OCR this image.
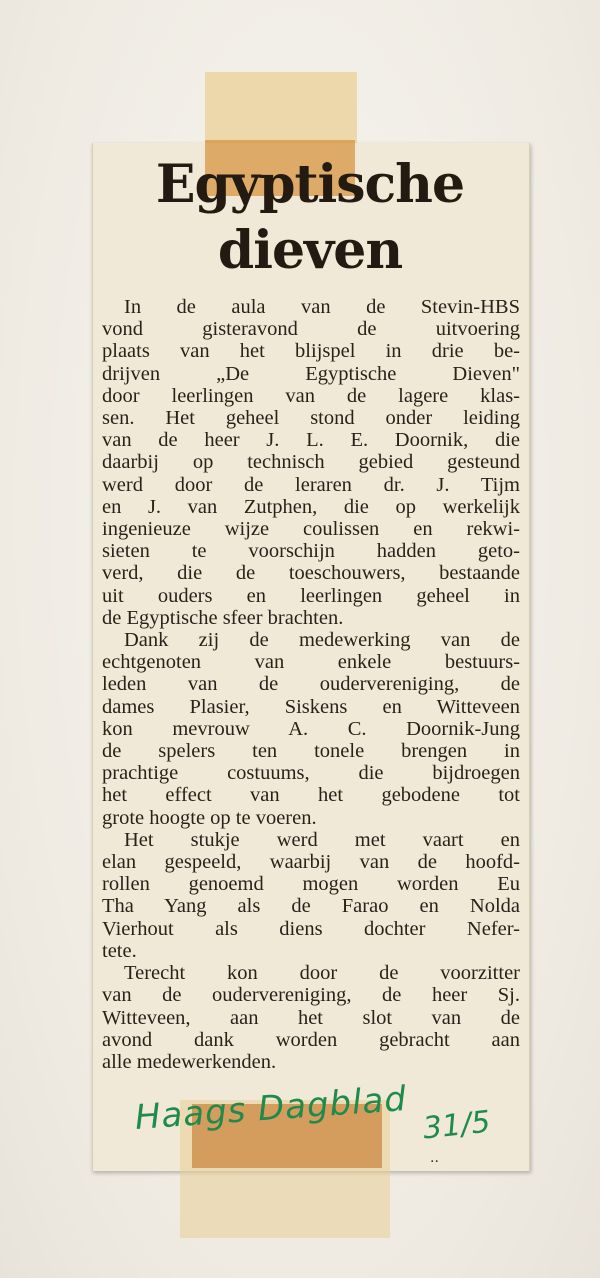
Egyptische
dieven
In de aula van de Stevin-HBS
vond gisteravond de uitvoering
plaats van het blijspel in drie be-
drijven „De Egyptische Dieven"
door leerlingen van de lagere klas-
sen. Het geheel stond onder leiding
van de heer J. L. E. Doornik, die
daarbij op technisch gebied gesteund
werd door de leraren dr. J. Tijm
en J. van Zutphen, die op werkelijk
ingenieuze wijze coulissen en rekwi-
sieten te voorschijn hadden geto-
verd, die de toeschouwers, bestaande
uit ouders en leerlingen geheel in
de Egyptische sfeer brachten.
Dank zij de medewerking van de
echtgenoten van enkele bestuurs-
leden van de oudervereniging, de
dames Plasier, Siskens en Witteveen
kon mevrouw A. C. Doornik-Jung
de spelers ten tonele brengen in
prachtige costuums, die bijdroegen
het effect van het gebodene tot
grote hoogte op te voeren.
Het stukje werd met vaart en
elan gespeeld, waarbij van de hoofd-
rollen genoemd mogen worden Eu
Tha Yang als de Farao en Nolda
Vierhout als diens dochter Nefer-
tete.
Terecht kon door de voorzitter
van de oudervereniging, de heer Sj.
Witteveen, aan het slot van de
avond dank worden gebracht aan
alle medewerkenden.
Haags Dagblad 31/5
..
